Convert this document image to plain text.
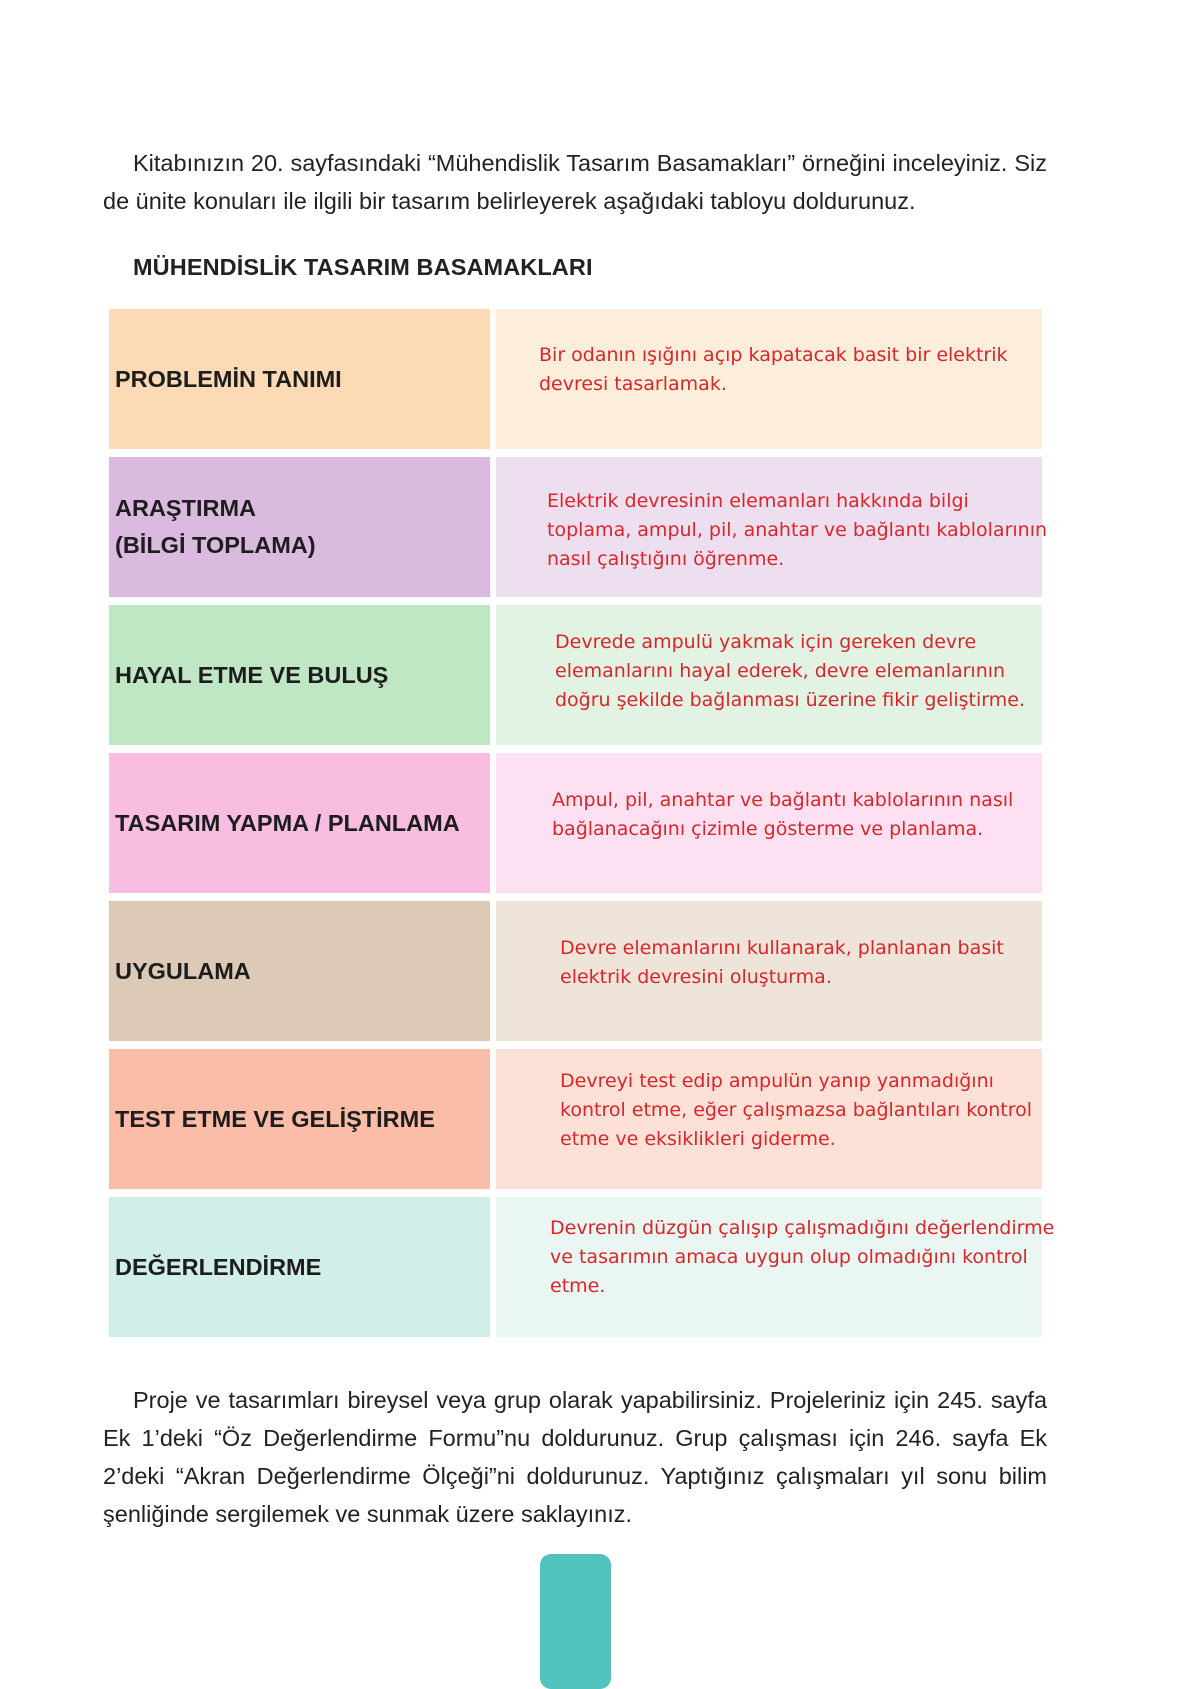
Kitabınızın 20. sayfasındaki “Mühendislik Tasarım Basamakları” örneğini inceleyiniz. Siz de ünite konuları ile ilgili bir tasarım belirleyerek aşağıdaki tabloyu doldurunuz.

MÜHENDİSLİK TASARIM BASAMAKLARI
PROBLEMİN TANIMI
Bir odanın ışığını açıp kapatacak basit bir elektrik
devresi tasarlamak.
ARAŞTIRMA
(BİLGİ TOPLAMA)
Elektrik devresinin elemanları hakkında bilgi
toplama, ampul, pil, anahtar ve bağlantı kablolarının
nasıl çalıştığını öğrenme.
HAYAL ETME VE BULUŞ
Devrede ampulü yakmak için gereken devre
elemanlarını hayal ederek, devre elemanlarının
doğru şekilde bağlanması üzerine fikir geliştirme.
TASARIM YAPMA / PLANLAMA
Ampul, pil, anahtar ve bağlantı kablolarının nasıl
bağlanacağını çizimle gösterme ve planlama.
UYGULAMA
Devre elemanlarını kullanarak, planlanan basit
elektrik devresini oluşturma.
TEST ETME VE GELİŞTİRME
Devreyi test edip ampulün yanıp yanmadığını
kontrol etme, eğer çalışmazsa bağlantıları kontrol
etme ve eksiklikleri giderme.
DEĞERLENDİRME
Devrenin düzgün çalışıp çalışmadığını değerlendirme
ve tasarımın amaca uygun olup olmadığını kontrol
etme.

Proje ve tasarımları bireysel veya grup olarak yapabilirsiniz. Projeleriniz için 245. sayfa Ek 1’deki “Öz Değerlendirme Formu”nu doldurunuz. Grup çalışması için 246. sayfa Ek 2’deki “Akran Değerlendirme Ölçeği”ni doldurunuz. Yaptığınız çalışmaları yıl sonu bilim şenliğinde sergilemek ve sunmak üzere saklayınız.
